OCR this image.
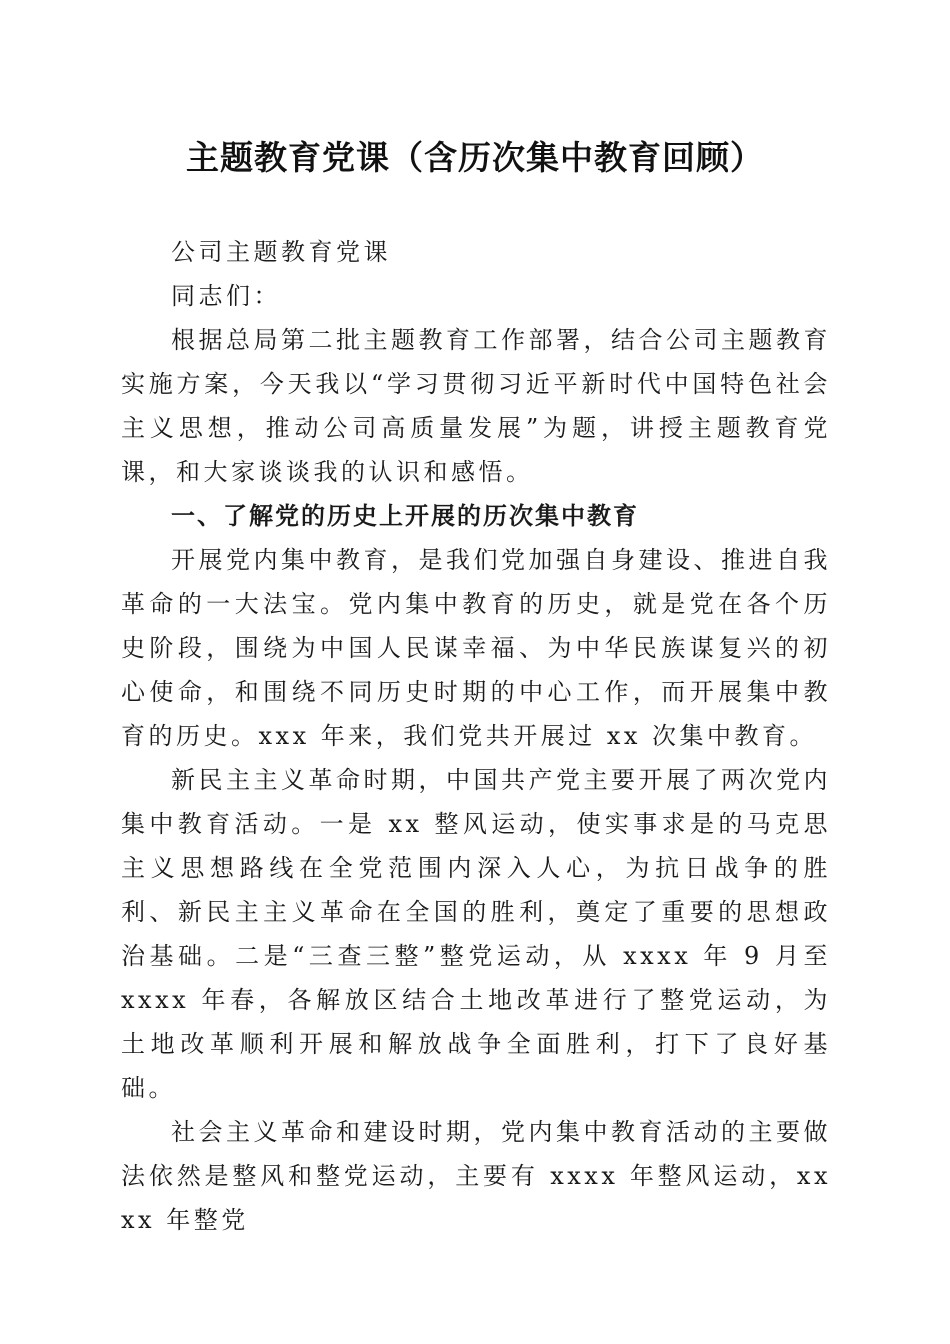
主题教育党课（含历次集中教育回顾）

公司主题教育党课

同志们：

根据总局第二批主题教育工作部署，结合公司主题教育实施方案，今天我以“学习贯彻习近平新时代中国特色社会主义思想，推动公司高质量发展”为题，讲授主题教育党课，和大家谈谈我的认识和感悟。

一、了解党的历史上开展的历次集中教育

开展党内集中教育，是我们党加强自身建设、推进自我革命的一大法宝。党内集中教育的历史，就是党在各个历史阶段，围绕为中国人民谋幸福、为中华民族谋复兴的初心使命，和围绕不同历史时期的中心工作，而开展集中教育的历史。xxx 年来，我们党共开展过 xx 次集中教育。

新民主主义革命时期，中国共产党主要开展了两次党内集中教育活动。一是 xx 整风运动，使实事求是的马克思主义思想路线在全党范围内深入人心，为抗日战争的胜利、新民主主义革命在全国的胜利，奠定了重要的思想政治基础。二是“三查三整”整党运动，从 xxxx 年 9 月至 xxxx 年春，各解放区结合土地改革进行了整党运动，为土地改革顺利开展和解放战争全面胜利，打下了良好基础。

社会主义革命和建设时期，党内集中教育活动的主要做法依然是整风和整党运动，主要有 xxxx 年整风运动，xxxx 年整党
